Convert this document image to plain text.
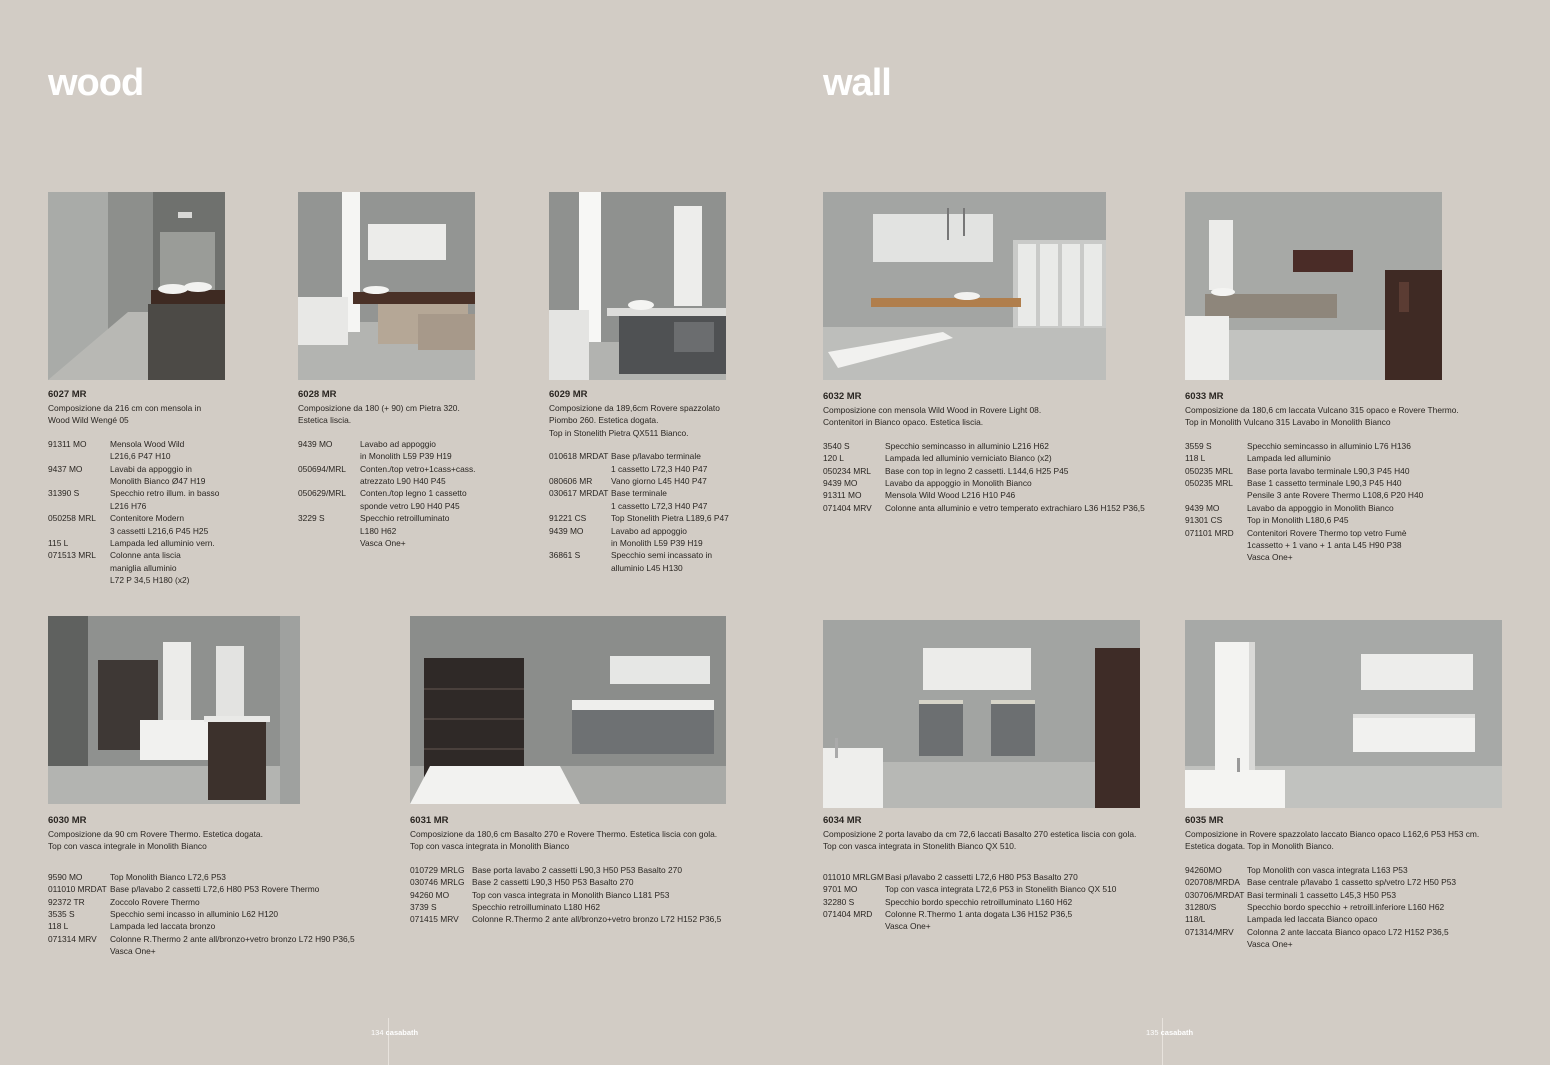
wood	wall
6027 MR
Composizione da 216 cm con mensola in
Wood Wild Wengé 05
91311 MO	Mensola Wood Wild
L216,6 P47 H10
9437 MO	Lavabi da appoggio in
Monolith Bianco Ø47 H19
31390 S	Specchio retro illum. in basso
L216 H76
050258 MRL	Contenitore Modern
3 cassetti L216,6 P45 H25
115 L	Lampada led alluminio vern.
071513 MRL	Colonne anta liscia
maniglia alluminio
L72 P 34,5 H180 (x2)
6028 MR
Composizione da 180 (+ 90) cm Pietra 320.
Estetica liscia.
9439 MO	Lavabo ad appoggio
in Monolith L59 P39 H19
050694/MRL	Conten./top vetro+1cass+cass.
atrezzato L90 H40 P45
050629/MRL	Conten./top legno 1 cassetto
sponde vetro L90 H40 P45
3229 S	Specchio retroilluminato
L180 H62
Vasca One+
6029 MR
Composizione da 189,6cm Rovere spazzolato
Piombo 260. Estetica dogata.
Top in Stonelith Pietra QX511 Bianco.
010618 MRDAT Base p/lavabo terminale
1 cassetto L72,3 H40 P47
080606 MR	Vano giorno L45 H40 P47
030617 MRDAT Base terminale
1 cassetto L72,3 H40 P47
91221 CS	Top Stonelith Pietra L189,6 P47
9439 MO	Lavabo ad appoggio
in Monolith L59 P39 H19
36861 S	Specchio semi incassato in
alluminio L45 H130
6032 MR
Composizione con mensola Wild Wood in Rovere Light 08.
Contenitori in Bianco opaco. Estetica liscia.
3540 S	Specchio semincasso in alluminio L216 H62
120 L	Lampada led alluminio verniciato Bianco (x2)
050234 MRL	Base con top in legno 2 cassetti. L144,6 H25 P45
9439 MO	Lavabo da appoggio in Monolith Bianco
91311 MO	Mensola Wild Wood L216 H10 P46
071404 MRV	Colonne anta alluminio e vetro temperato extrachiaro L36 H152 P36,5
6033 MR
Composizione da 180,6 cm laccata Vulcano 315 opaco e Rovere Thermo.
Top in Monolith Vulcano 315 Lavabo in Monolith Bianco
3559 S	Specchio semincasso in alluminio L76 H136
118 L	Lampada led alluminio
050235 MRL	Base porta lavabo terminale L90,3 P45 H40
050235 MRL	Base 1 cassetto terminale L90,3 P45 H40
Pensile 3 ante Rovere Thermo L108,6 P20 H40
9439 MO	Lavabo da appoggio in Monolith Bianco
91301 CS	Top in Monolith L180,6 P45
071101 MRD	Contenitori Rovere Thermo top vetro Fumè
1cassetto + 1 vano + 1 anta L45 H90 P38
Vasca One+
6030 MR
Composizione da 90 cm Rovere Thermo. Estetica dogata.
Top con vasca integrale in Monolith Bianco
9590 MO	Top Monolith Bianco L72,6 P53
011010 MRDAT Base p/lavabo 2 cassetti L72,6 H80 P53 Rovere Thermo
92372 TR	Zoccolo Rovere Thermo
3535 S	Specchio semi incasso in alluminio L62 H120
118 L	Lampada led laccata bronzo
071314 MRV	Colonne R.Thermo 2 ante all/bronzo+vetro bronzo L72 H90 P36,5
Vasca One+
6031 MR
Composizione da 180,6 cm Basalto 270 e Rovere Thermo. Estetica liscia con gola.
Top con vasca integrata in Monolith Bianco
010729 MRLG Base porta lavabo 2 cassetti L90,3 H50 P53 Basalto 270
030746 MRLG Base 2 cassetti L90,3 H50 P53 Basalto 270
94260 MO	Top con vasca integrata in Monolith Bianco L181 P53
3739 S	Specchio retroilluminato L180 H62
071415 MRV	Colonne R.Thermo 2 ante all/bronzo+vetro bronzo L72 H152 P36,5
6034 MR
Composizione 2 porta lavabo da cm 72,6 laccati Basalto 270 estetica liscia con gola.
Top con vasca integrata in Stonelith Bianco QX 510.
011010 MRLGM Basi p/lavabo 2 cassetti L72,6 H80 P53 Basalto 270
9701 MO	Top con vasca integrata L72,6 P53 in Stonelith Bianco QX 510
32280 S	Specchio bordo specchio retroilluminato L160 H62
071404 MRD	Colonne R.Thermo 1 anta dogata L36 H152 P36,5
Vasca One+
6035 MR
Composizione in Rovere spazzolato laccato Bianco opaco L162,6 P53 H53 cm.
Estetica dogata. Top in Monolith Bianco.
94260MO	Top Monolith con vasca integrata L163 P53
020708/MRDA Base centrale p/lavabo 1 cassetto sp/vetro L72 H50 P53
030706/MRDAT Basi terminali 1 cassetto L45,3 H50 P53
31280/S	Specchio bordo specchio + retroill.inferiore L160 H62
118/L	Lampada led laccata Bianco opaco
071314/MRV	Colonna 2 ante laccata Bianco opaco L72 H152 P36,5
Vasca One+
134 casabath	135 casabath
